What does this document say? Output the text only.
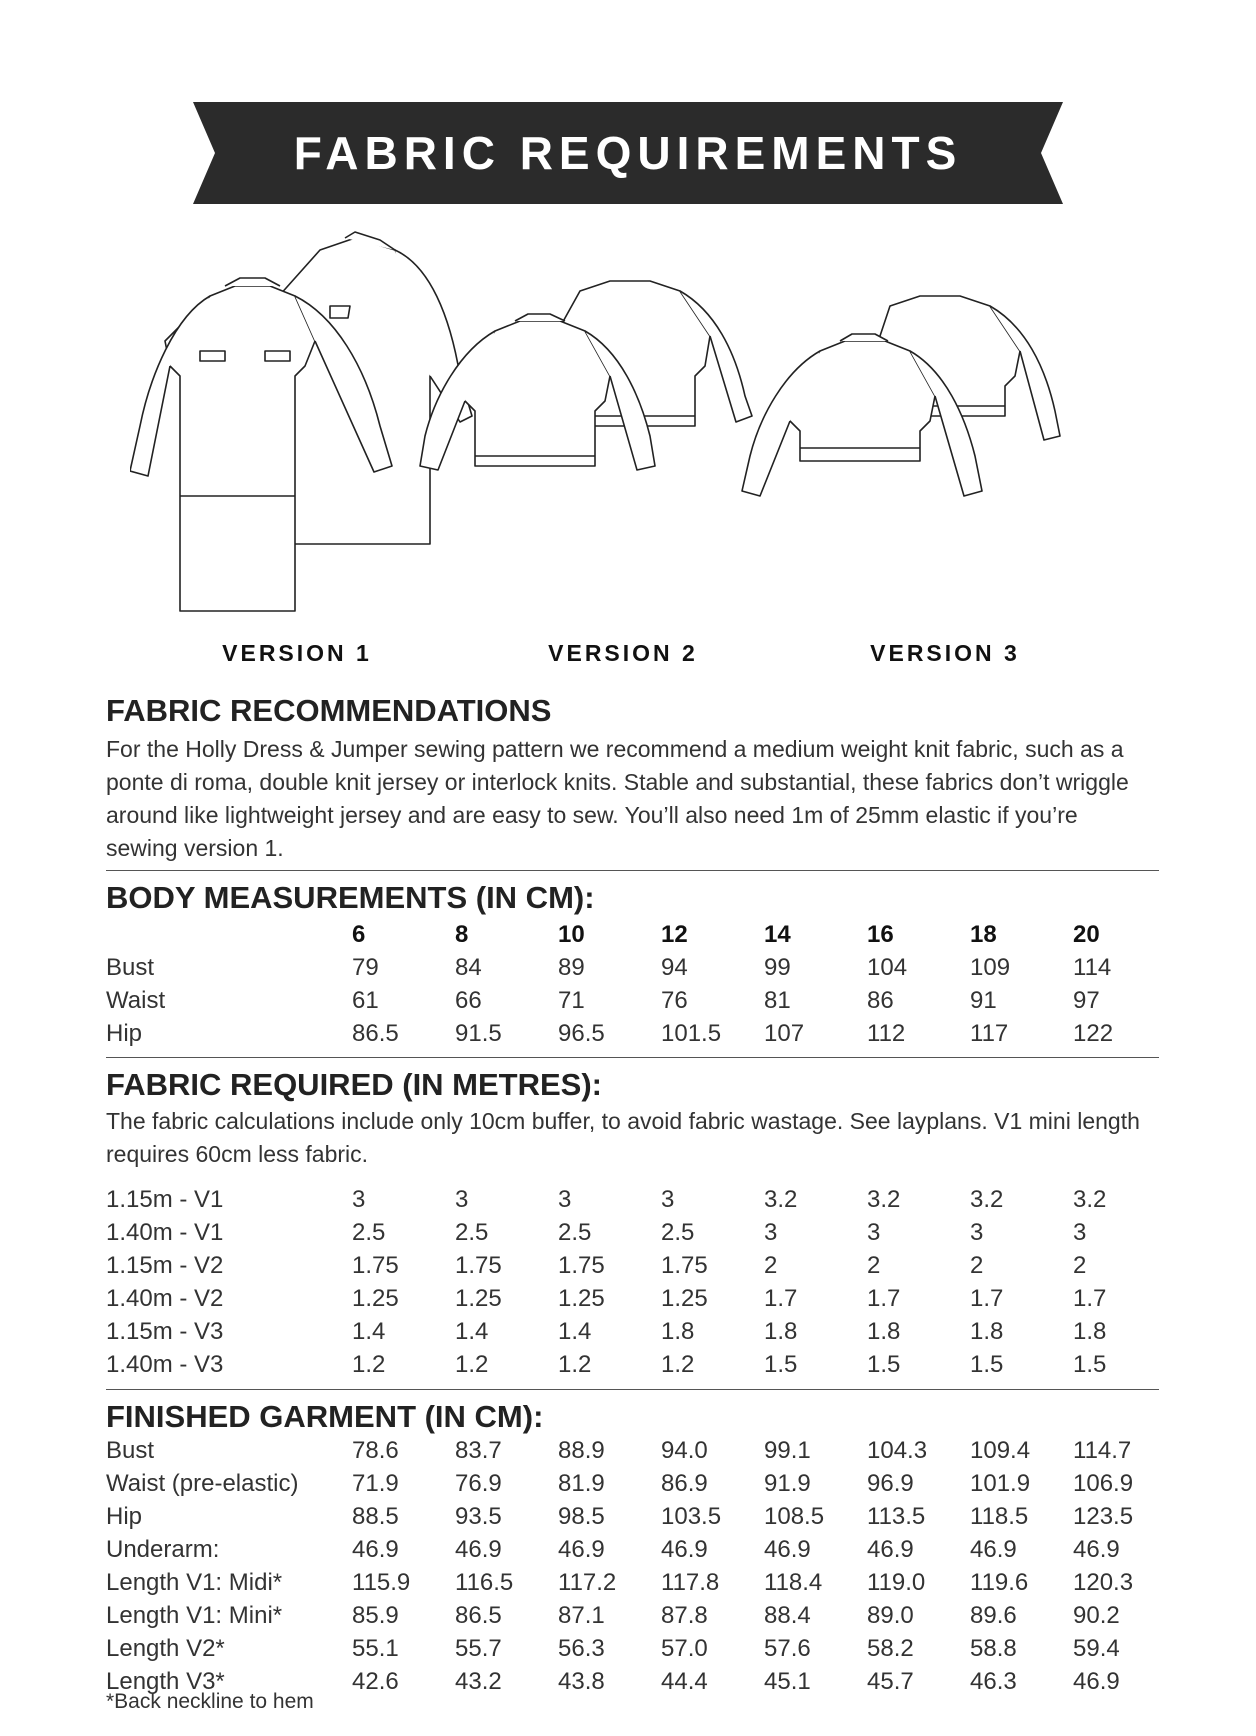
FABRIC REQUIREMENTS
VERSION 1	VERSION 2	VERSION 3
FABRIC RECOMMENDATIONS
For the Holly Dress & Jumper sewing pattern we recommend a medium weight knit fabric, such as a ponte di roma, double knit jersey or interlock knits. Stable and substantial, these fabrics don’t wriggle around like lightweight jersey and are easy to sew. You’ll also need 1m of 25mm elastic if you’re sewing version 1.
BODY MEASUREMENTS (IN CM):
6	8	10	12	14	16	18	20
Bust	79	84	89	94	99	104	109	114
Waist	61	66	71	76	81	86	91	97
Hip	86.5 91.5 96.5 101.5 107	112	117	122
FABRIC REQUIRED (IN METRES):
The fabric calculations include only 10cm buffer, to avoid fabric wastage. See layplans. V1 mini length requires 60cm less fabric.
1.15m - V1	3	3	3	3	3.2	3.2	3.2	3.2
1.40m - V1	2.5	2.5	2.5	2.5	3	3	3	3
1.15m - V2	1.75 1.75 1.75 1.75 2	2	2	2
1.40m - V2	1.25 1.25 1.25 1.25 1.7	1.7	1.7	1.7
1.15m - V3	1.4	1.4	1.4	1.8	1.8	1.8	1.8	1.8
1.40m - V3	1.2	1.2	1.2	1.2	1.5	1.5	1.5	1.5
FINISHED GARMENT (IN CM):
Bust	78.6 83.7 88.9 94.0 99.1 104.3 109.4 114.7
Waist (pre-elastic) 71.9 76.9 81.9 86.9 91.9 96.9 101.9 106.9
Hip	88.5 93.5 98.5 103.5 108.5 113.5 118.5 123.5
Underarm:	46.9 46.9 46.9 46.9 46.9 46.9 46.9 46.9
Length V1: Midi*	115.9 116.5 117.2 117.8 118.4 119.0 119.6 120.3
Length V1: Mini*	85.9 86.5 87.1 87.8 88.4 89.0 89.6 90.2
Length V2*	55.1 55.7 56.3 57.0 57.6 58.2 58.8 59.4
Length V3*	42.6 43.2 43.8 44.4 45.1 45.7 46.3 46.9
*Back neckline to hem
